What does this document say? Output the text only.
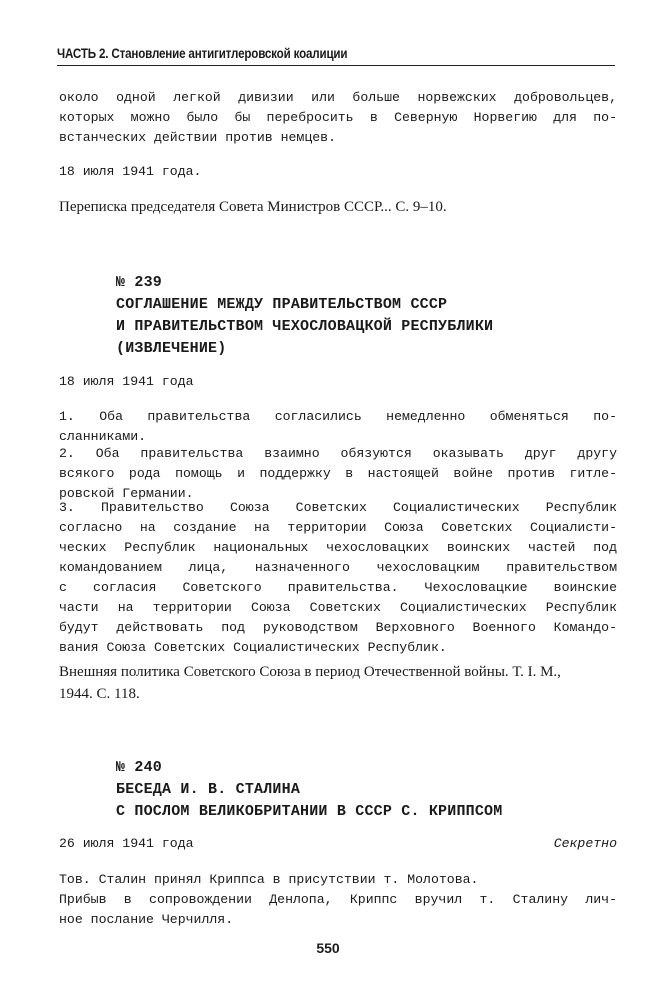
ЧАСТЬ 2. Становление антигитлеровской коалиции
около одной легкой дивизии или больше норвежских добровольцев,
которых можно было бы перебросить в Северную Норвегию для по-
встанческих действии против немцев.
18 июля 1941 года.
Переписка председателя Совета Министров СССР... С. 9–10.
№ 239
СОГЛАШЕНИЕ МЕЖДУ ПРАВИТЕЛЬСТВОМ СССР
И ПРАВИТЕЛЬСТВОМ ЧЕХОСЛОВАЦКОЙ РЕСПУБЛИКИ
(ИЗВЛЕЧЕНИЕ)
18 июля 1941 года
1. Оба правительства согласились немедленно обменяться по-
сланниками.
2. Оба правительства взаимно обязуются оказывать друг другу
всякого рода помощь и поддержку в настоящей войне против гитле-
ровской Германии.
3. Правительство Союза Советских Социалистических Республик
согласно на создание на территории Союза Советских Социалисти-
ческих Республик национальных чехословацких воинских частей под
командованием лица, назначенного чехословацким правительством
с согласия Советского правительства. Чехословацкие воинские
части на территории Союза Советских Социалистических Республик
будут действовать под руководством Верховного Военного Командо-
вания Союза Советских Социалистических Республик.
Внешняя политика Советского Союза в период Отечественной войны. Т. I. М.,
1944. С. 118.
№ 240
БЕСЕДА И. В. СТАЛИНА
С ПОСЛОМ ВЕЛИКОБРИТАНИИ В СССР С. КРИППСОМ
26 июля 1941 года	Секретно
Тов. Сталин принял Криппса в присутствии т. Молотова.
Прибыв в сопровождении Денлопа, Криппс вручил т. Сталину лич-
ное послание Черчилля.
550
